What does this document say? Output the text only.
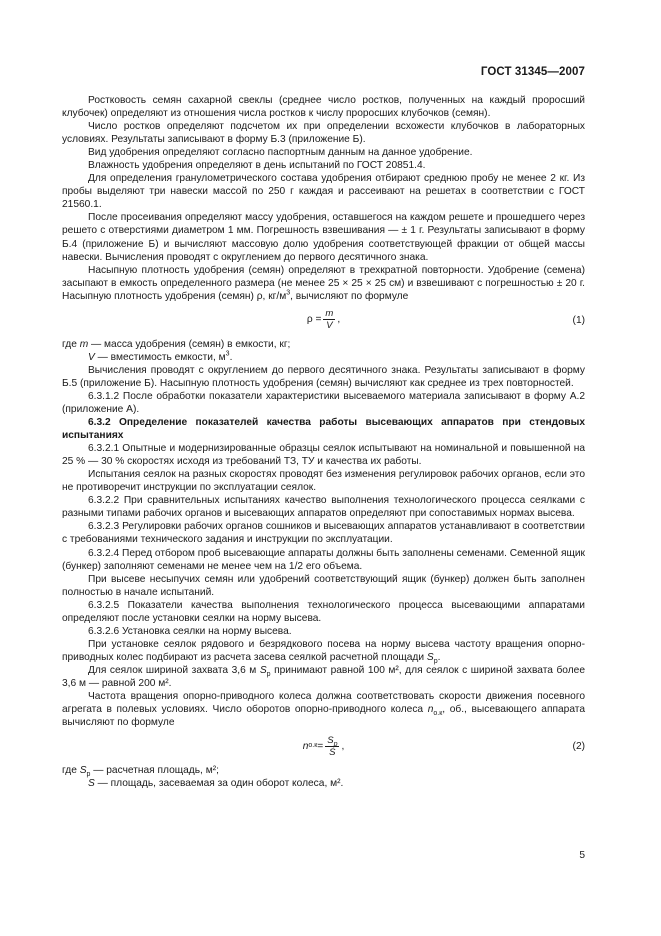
ГОСТ 31345—2007

Ростковость семян сахарной свеклы (среднее число ростков, полученных на каждый проросший клубочек) определяют из отношения числа ростков к числу проросших клубочков (семян).

Число ростков определяют подсчетом их при определении всхожести клубочков в лабораторных условиях. Результаты записывают в форму Б.3 (приложение Б).

Вид удобрения определяют согласно паспортным данным на данное удобрение.

Влажность удобрения определяют в день испытаний по ГОСТ 20851.4.

Для определения гранулометрического состава удобрения отбирают среднюю пробу не менее 2 кг. Из пробы выделяют три навески массой по 250 г каждая и рассеивают на решетах в соответствии с ГОСТ 21560.1.

После просеивания определяют массу удобрения, оставшегося на каждом решете и прошедшего через решето с отверстиями диаметром 1 мм. Погрешность взвешивания — ± 1 г. Результаты записывают в форму Б.4 (приложение Б) и вычисляют массовую долю удобрения соответствующей фракции от общей массы навески. Вычисления проводят с округлением до первого десятичного знака.

Насыпную плотность удобрения (семян) определяют в трехкратной повторности. Удобрение (семена) засыпают в емкость определенного размера (не менее 25 × 25 × 25 см) и взвешивают с погрешностью ± 20 г. Насыпную плотность удобрения (семян) ρ, $кг/м^3$, вычисляют по формуле

$\rho = \frac{m}{V}$ ,	(1)

где m — масса удобрения (семян) в емкости, кг;

V — вместимость емкости, $м^3$.

Вычисления проводят с округлением до первого десятичного знака. Результаты записывают в форму Б.5 (приложение Б). Насыпную плотность удобрения (семян) вычисляют как среднее из трех повторностей.

6.3.1.2 После обработки показатели характеристики высеваемого материала записывают в форму А.2 (приложение А).

6.3.2 Определение показателей качества работы высевающих аппаратов при стендовых испытаниях

6.3.2.1 Опытные и модернизированные образцы сеялок испытывают на номинальной и повышенной на 25 % — 30 % скоростях исходя из требований ТЗ, ТУ и качества их работы.

Испытания сеялок на разных скоростях проводят без изменения регулировок рабочих органов, если это не противоречит инструкции по эксплуатации сеялок.

6.3.2.2 При сравнительных испытаниях качество выполнения технологического процесса сеялками с разными типами рабочих органов и высевающих аппаратов определяют при сопоставимых нормах высева.

6.3.2.3 Регулировки рабочих органов сошников и высевающих аппаратов устанавливают в соответствии с требованиями технического задания и инструкции по эксплуатации.

6.3.2.4 Перед отбором проб высевающие аппараты должны быть заполнены семенами. Семенной ящик (бункер) заполняют семенами не менее чем на 1/2 его объема.

При высеве несыпучих семян или удобрений соответствующий ящик (бункер) должен быть заполнен полностью в начале испытаний.

6.3.2.5 Показатели качества выполнения технологического процесса высевающими аппаратами определяют после установки сеялки на норму высева.

6.3.2.6 Установка сеялки на норму высева.

При установке сеялок рядового и безрядкового посева на норму высева частоту вращения опорно-приводных колес подбирают из расчета засева сеялкой расчетной площади $S_р$.

Для сеялок шириной захвата 3,6 м $S_р$ принимают равной 100 м², для сеялок с шириной захвата более 3,6 м — равной 200 м².

Частота вращения опорно-приводного колеса должна соответствовать скорости движения посевного агрегата в полевых условиях. Число оборотов опорно-приводного колеса $n_{о.к}$, об., высевающего аппарата вычисляют по формуле

n $о.к = \frac{S_р}{S}$ ,	(2)

где $S_р$ — расчетная площадь, м²;

S — площадь, засеваемая за один оборот колеса, м².

5
